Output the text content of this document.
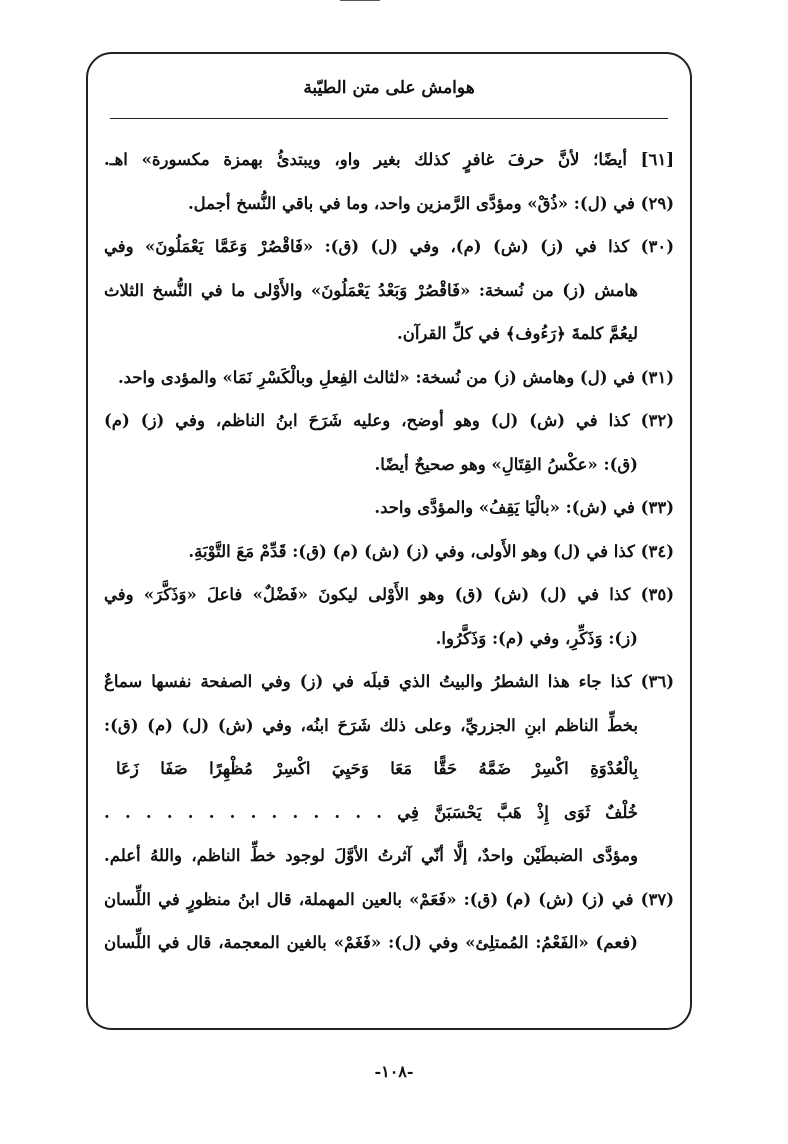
هوامش على متن الطيّبة
[٦١] أيضًا؛ لأنَّ حرفَ غافرٍ كذلك بغير واو، ويبتدئُ بهمزة مكسورة» اهـ.
(٢٩) في (ل): «ذُقْ» ومؤدَّى الرَّمزين واحد، وما في باقي النُّسخ أجمل.
(٣٠) كذا في (ز) (ش) (م)، وفي (ل) (ق): «فَاقْصُرْ وَعَمَّا يَعْمَلُونَ» وفي
هامش (ز) من نُسخة: «فَاقْصُرْ وَبَعْدُ يَعْمَلُونَ» والأَوْلى ما في النُّسخ الثلاث
ليعُمَّ كلمةَ ﴿رَءُوف﴾ في كلِّ القرآن.
(٣١) في (ل) وهامش (ز) من نُسخة: «لثالث الفِعلِ وبالْكَسْرِ نَمَا» والمؤدى واحد.
(٣٢) كذا في (ش) (ل) وهو أوضح، وعليه شَرَحَ ابنُ الناظم، وفي (ز) (م)
(ق): «عكْسُ القِتَالِ» وهو صحيحٌ أيضًا.
(٣٣) في (ش): «بالْيَا يَقِفُ» والمؤدَّى واحد.
(٣٤) كذا في (ل) وهو الأَولى، وفي (ز) (ش) (م) (ق): قَدِّمْ مَعَ التَّوْبَةِ.
(٣٥) كذا في (ل) (ش) (ق) وهو الأَوْلى ليكونَ «فَضْلٌ» فاعلَ «وَذَكَّرَ» وفي
(ز): وَذَكِّرِ، وفي (م): وَذَكَّرُوا.
(٣٦) كذا جاء هذا الشطرُ والبيتُ الذي قبلَه في (ز) وفي الصفحة نفسها سماعٌ
بخطِّ الناظم ابنِ الجزريِّ، وعلى ذلك شَرَحَ ابنُه، وفي (ش) (ل) (م) (ق):
بِالْعُدْوَةِ اكْسِرْ ضَمَّهُ حَقًّا مَعَا وَحَيِيَ اكْسِرْ مُظْهِرًا صَفَا زَعَا
خُلْفٌ ثَوَى إِذْ هَبَّ يَحْسَبَنَّ فِي . . . . . . . . . . . . . .
ومؤدَّى الضبطَيْن واحدٌ، إلَّا أنّي آثرتُ الأوَّلَ لوجود خطِّ الناظم، واللهُ أعلم.
(٣٧) في (ز) (ش) (م) (ق): «فَعَمْ» بالعين المهملة، قال ابنُ منظورٍ في اللِّسان
(فعم) «الفَعْمُ: المُمتلِئ» وفي (ل): «فَغَمْ» بالغين المعجمة، قال في اللِّسان
-١٠٨-
